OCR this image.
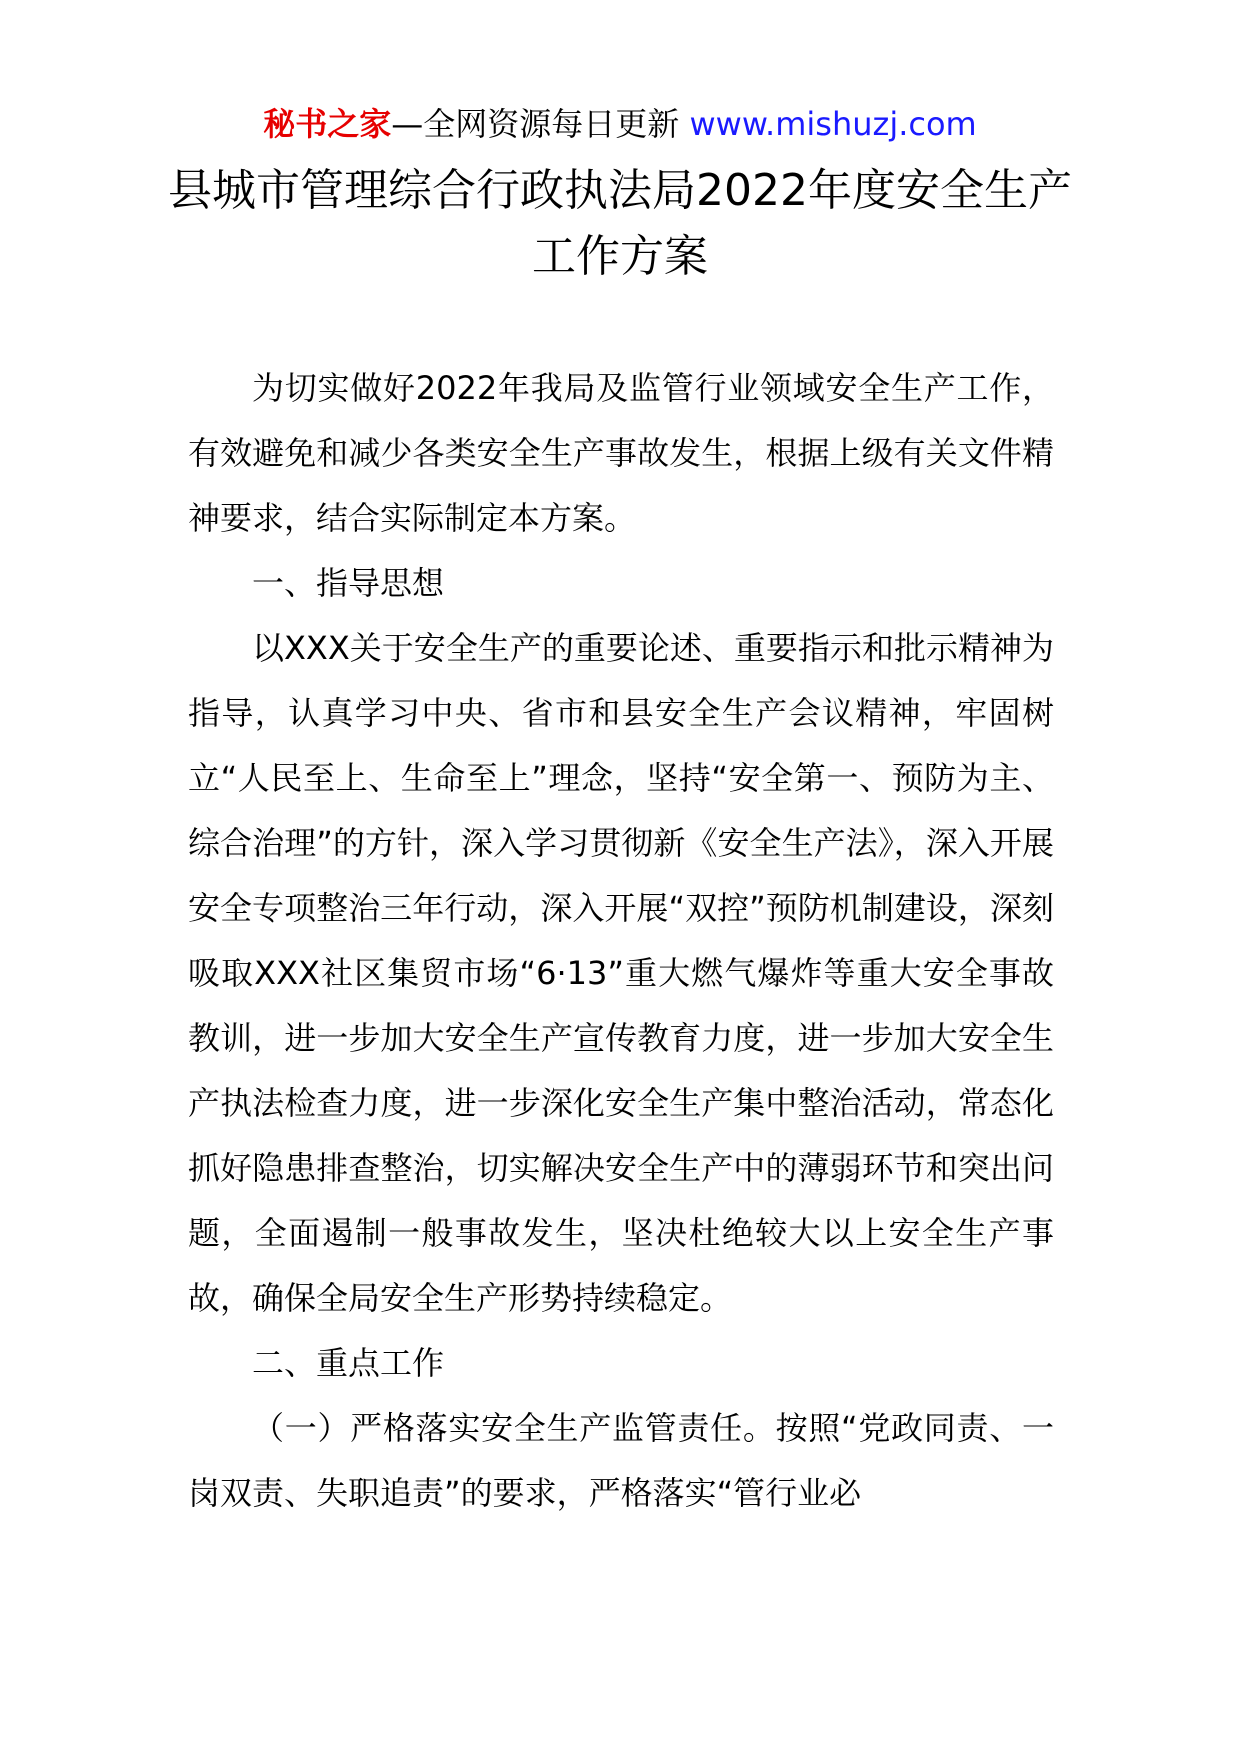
秘书之家—全网资源每日更新 www.mishuzj.com
县城市管理综合行政执法局2022年度安全生产工作方案

为切实做好2022年我局及监管行业领域安全生产工作，有效避免和减少各类安全生产事故发生，根据上级有关文件精神要求，结合实际制定本方案。

一、指导思想

以XXX关于安全生产的重要论述、重要指示和批示精神为指导，认真学习中央、省市和县安全生产会议精神，牢固树立“人民至上、生命至上”理念，坚持“安全第一、预防为主、综合治理”的方针，深入学习贯彻新《安全生产法》，深入开展安全专项整治三年行动，深入开展“双控”预防机制建设，深刻吸取XXX社区集贸市场“6·13”重大燃气爆炸等重大安全事故教训，进一步加大安全生产宣传教育力度，进一步加大安全生产执法检查力度，进一步深化安全生产集中整治活动，常态化抓好隐患排查整治，切实解决安全生产中的薄弱环节和突出问题，全面遏制一般事故发生，坚决杜绝较大以上安全生产事故，确保全局安全生产形势持续稳定。

二、重点工作

（一）严格落实安全生产监管责任。按照“党政同责、一岗双责、失职追责”的要求，严格落实“管行业必
